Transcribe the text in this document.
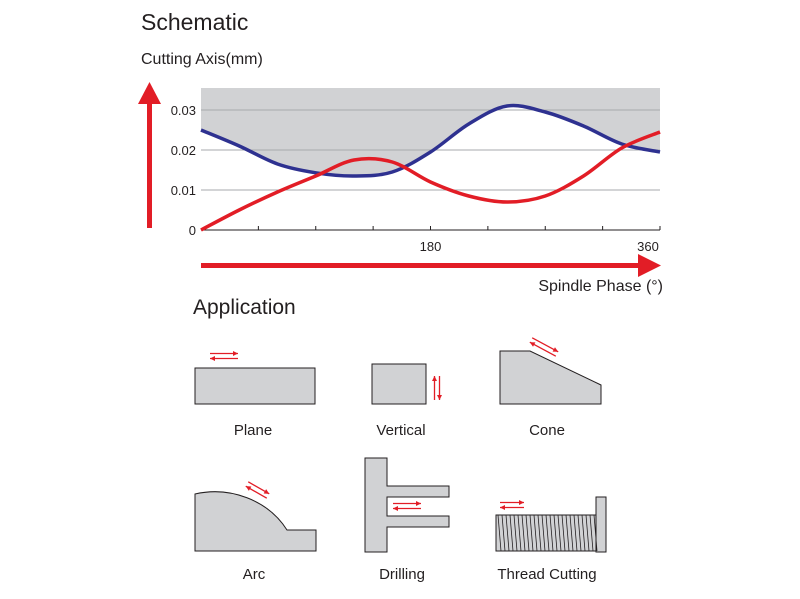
Schematic
Cutting Axis(mm)
Spindle Phase (°)
Application
0
0.01
0.02
0.03
180	360
Plane	Vertical	Cone
Arc	Drilling	Thread Cutting
